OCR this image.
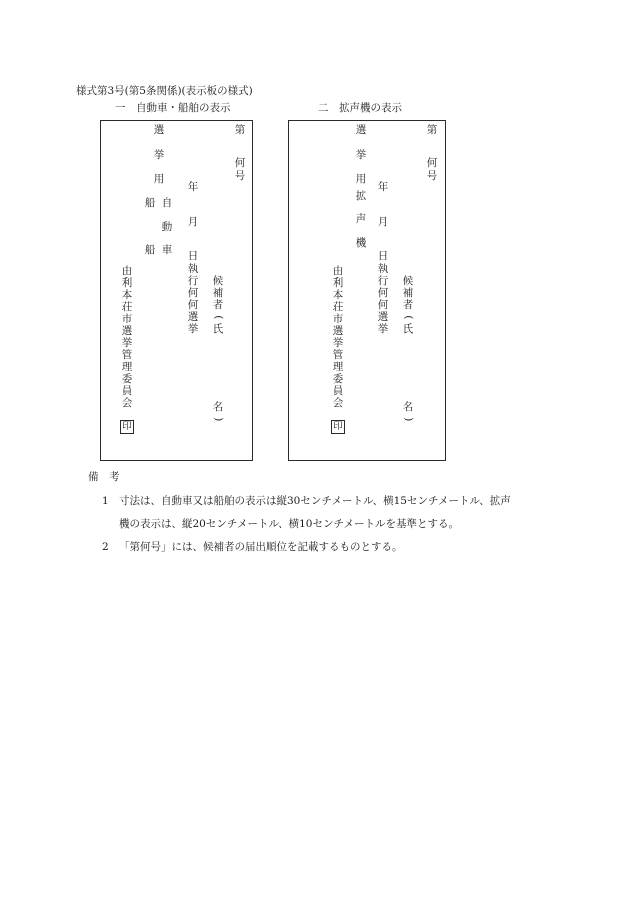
様式第3号(第5条関係)(表示板の様式)
一　自動車・船舶の表示	二　拡声機の表示
選
挙
用
船
船
自
動
車
第
何
号
年
月
日
執
行
何
何
選
挙
候
補
者
(
氏
名
)
由
利
本
荘
市
選
挙
管
理
委
員
会
印
選
挙
用
拡
声
機
第
何
号
年
月
日
執
行
何
何
選
挙
候
補
者
(
氏
名
)
由
利
本
荘
市
選
挙
管
理
委
員
会
印
備　考
1 寸法は、自動車又は船舶の表示は縦30センチメートル、横15センチメートル、拡声
機の表示は、縦20センチメートル、横10センチメートルを基準とする。
2 「第何号」には、候補者の届出順位を記載するものとする。
